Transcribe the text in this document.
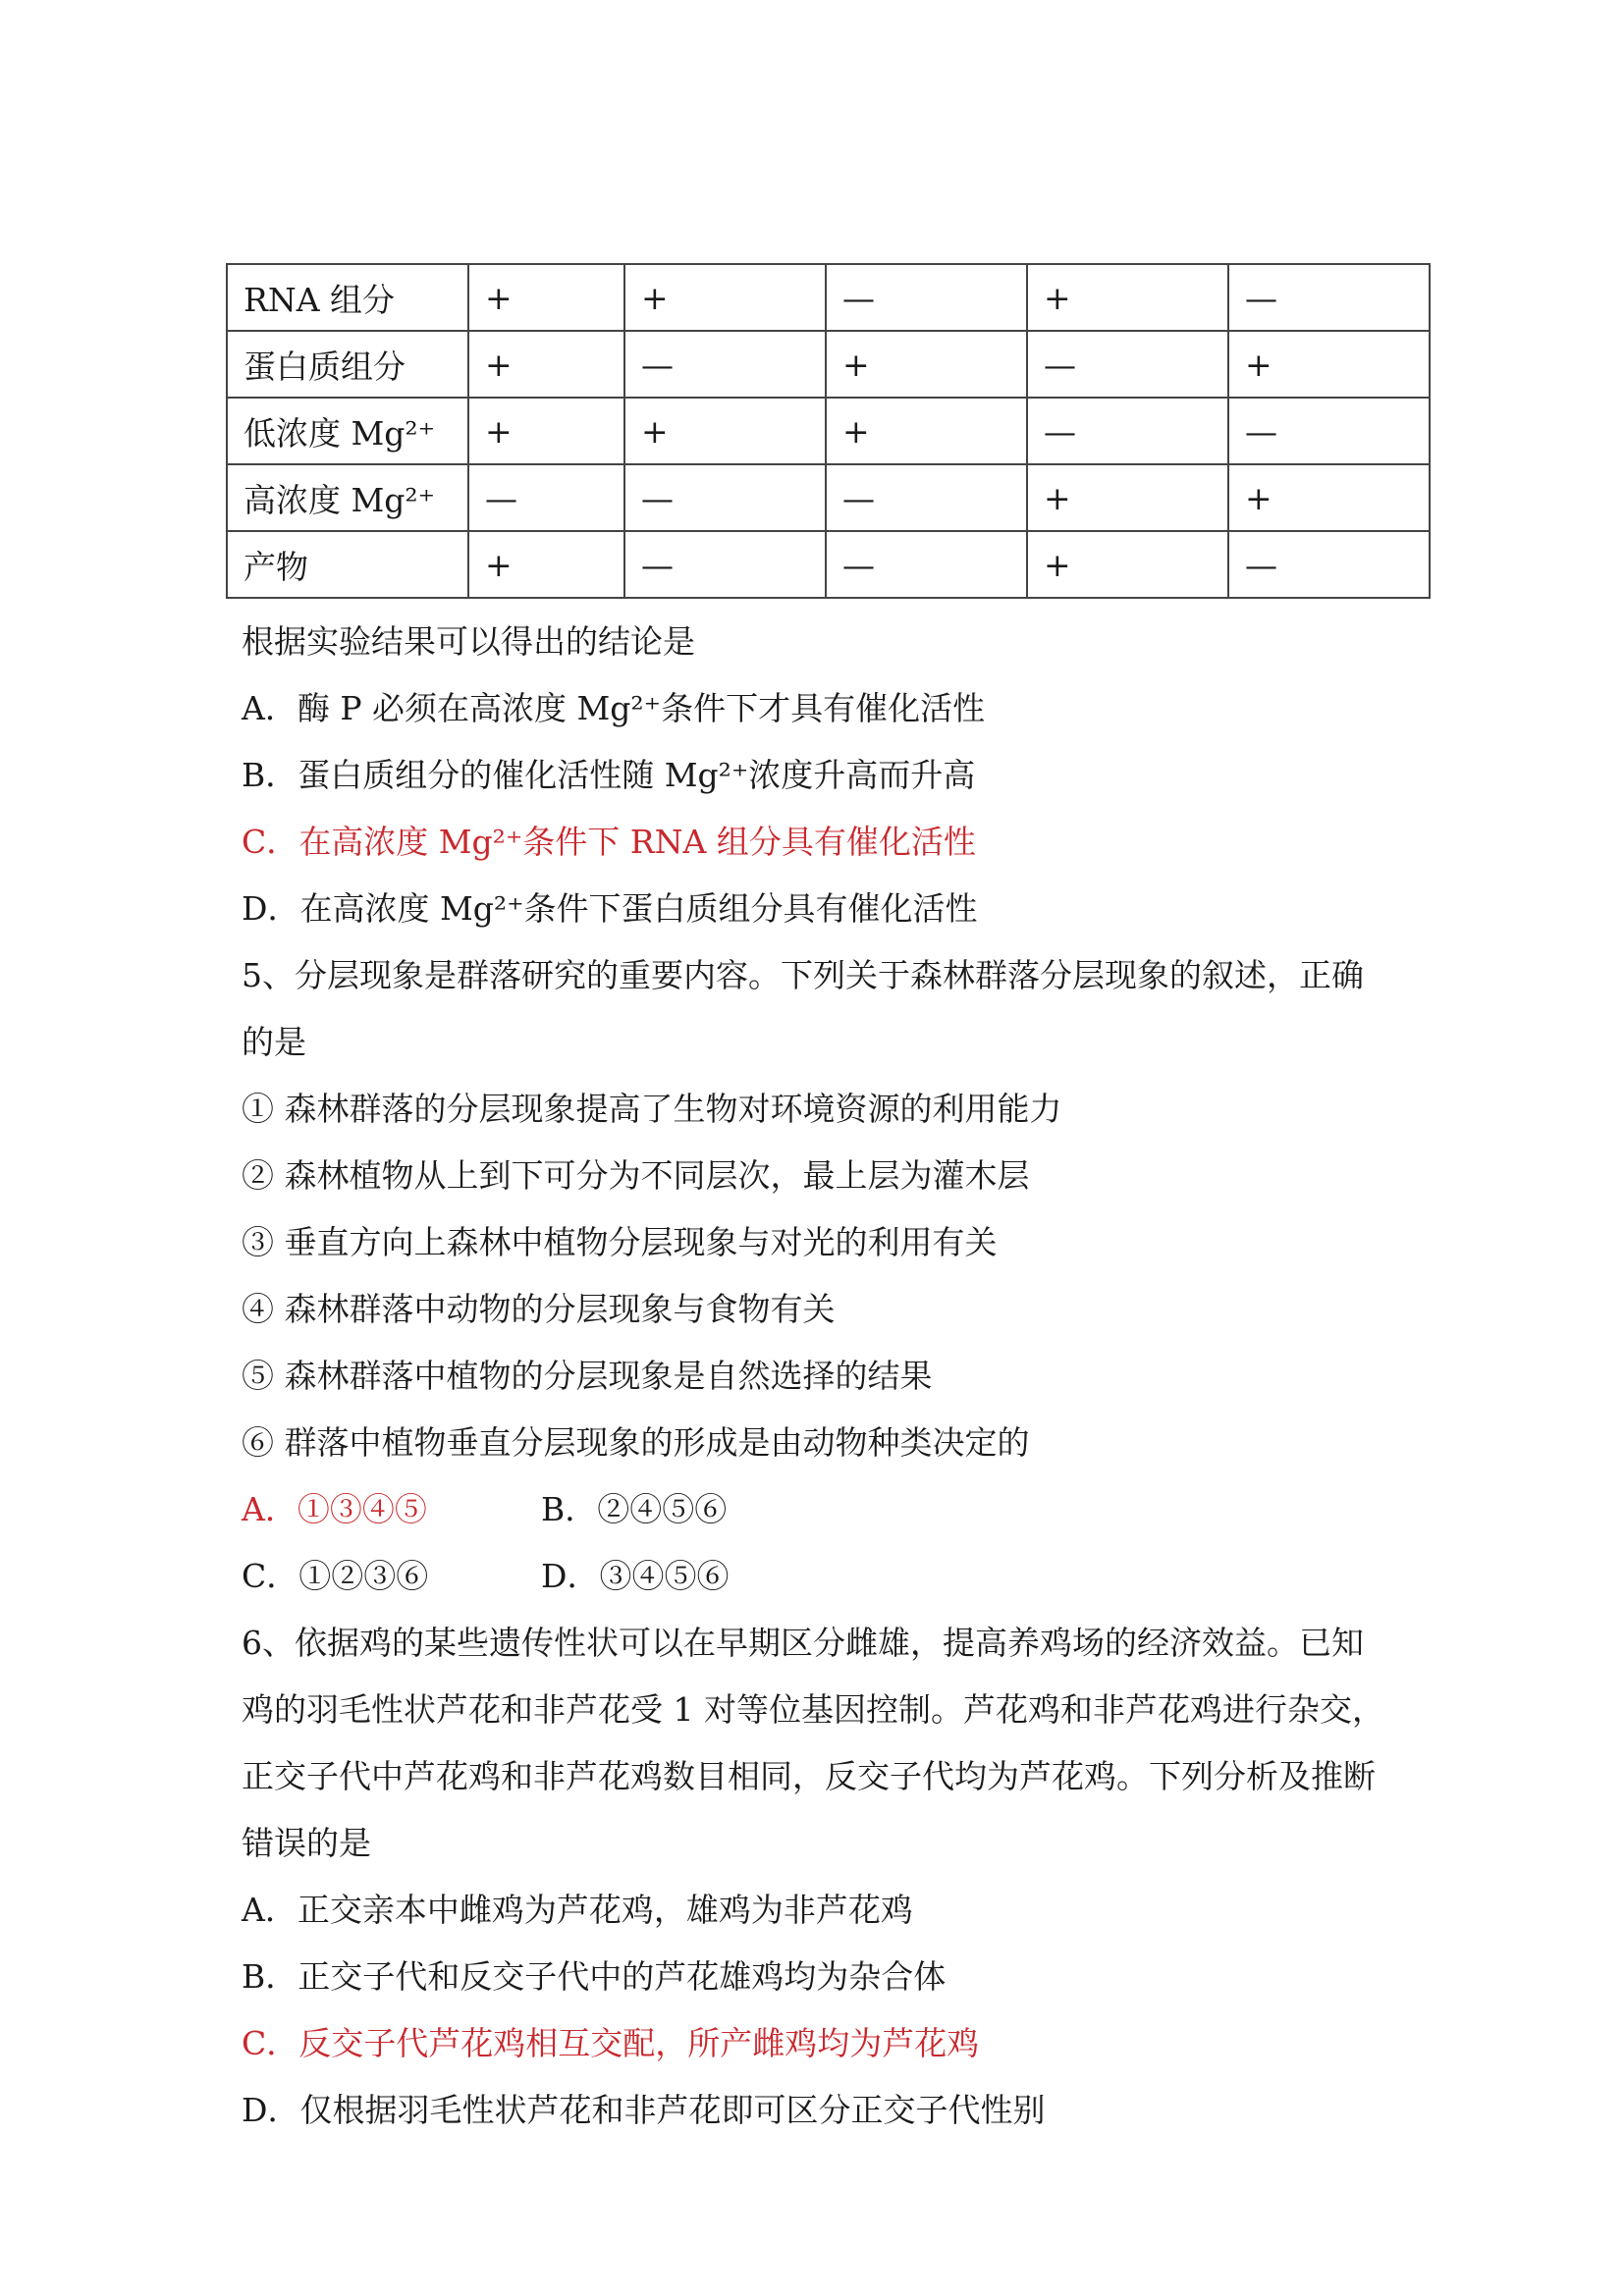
RNA 组分	+	+	—	+	—
蛋白质组分	+	—	+	—	+
低浓度 Mg²⁺	+	+	+	—	—
高浓度 Mg²⁺	—	—	—	+	+
产物	+	—	—	+	—
根据实验结果可以得出的结论是
A．酶 P 必须在高浓度 Mg²⁺条件下才具有催化活性
B．蛋白质组分的催化活性随 Mg²⁺浓度升高而升高
C．在高浓度 Mg²⁺条件下 RNA 组分具有催化活性
D．在高浓度 Mg²⁺条件下蛋白质组分具有催化活性
5、分层现象是群落研究的重要内容。下列关于森林群落分层现象的叙述，正确
的是
① 森林群落的分层现象提高了生物对环境资源的利用能力
② 森林植物从上到下可分为不同层次，最上层为灌木层
③ 垂直方向上森林中植物分层现象与对光的利用有关
④ 森林群落中动物的分层现象与食物有关
⑤ 森林群落中植物的分层现象是自然选择的结果
⑥ 群落中植物垂直分层现象的形成是由动物种类决定的
A．①③④⑤	B．②④⑤⑥
C．①②③⑥	D．③④⑤⑥
6、依据鸡的某些遗传性状可以在早期区分雌雄，提高养鸡场的经济效益。已知
鸡的羽毛性状芦花和非芦花受 1 对等位基因控制。芦花鸡和非芦花鸡进行杂交，
正交子代中芦花鸡和非芦花鸡数目相同，反交子代均为芦花鸡。下列分析及推断
错误的是
A．正交亲本中雌鸡为芦花鸡，雄鸡为非芦花鸡
B．正交子代和反交子代中的芦花雄鸡均为杂合体
C．反交子代芦花鸡相互交配，所产雌鸡均为芦花鸡
D．仅根据羽毛性状芦花和非芦花即可区分正交子代性别
